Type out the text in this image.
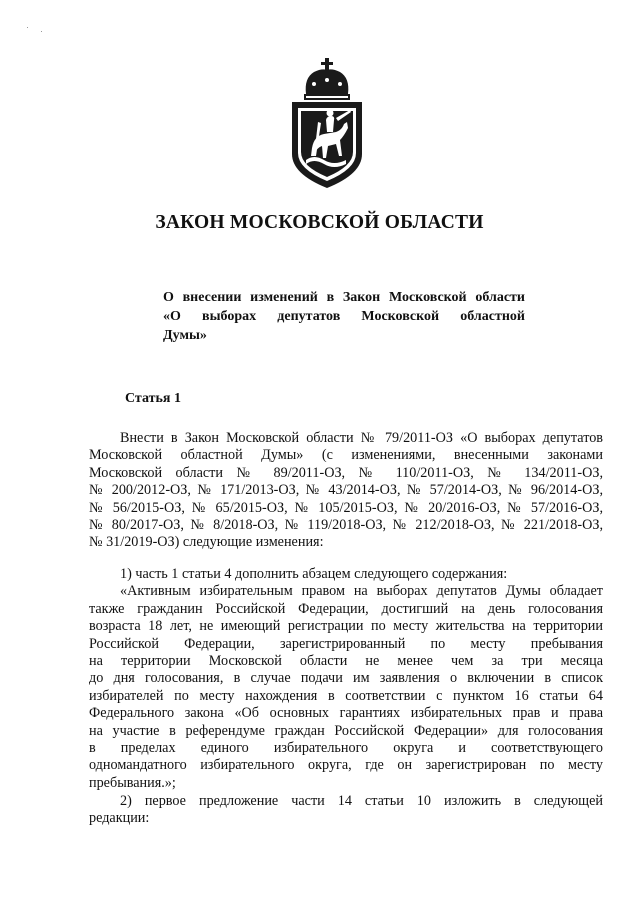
ЗАКОН МОСКОВСКОЙ ОБЛАСТИ
О внесении изменений в Закон Московской области
«О выборах депутатов Московской областной
Думы»
Статья 1
Внести в Закон Московской области № 79/2011-ОЗ «О выборах депутатов
Московской областной Думы» (с изменениями, внесенными законами
Московской области № 89/2011-ОЗ, № 110/2011-ОЗ, № 134/2011-ОЗ,
№ 200/2012-ОЗ, № 171/2013-ОЗ, № 43/2014-ОЗ, № 57/2014-ОЗ, № 96/2014-ОЗ,
№ 56/2015-ОЗ, № 65/2015-ОЗ, № 105/2015-ОЗ, № 20/2016-ОЗ, № 57/2016-ОЗ,
№ 80/2017-ОЗ, № 8/2018-ОЗ, № 119/2018-ОЗ, № 212/2018-ОЗ, № 221/2018-ОЗ,
№ 31/2019-ОЗ) следующие изменения:
1) часть 1 статьи 4 дополнить абзацем следующего содержания:
«Активным избирательным правом на выборах депутатов Думы обладает
также гражданин Российской Федерации, достигший на день голосования
возраста 18 лет, не имеющий регистрации по месту жительства на территории
Российской Федерации, зарегистрированный по месту пребывания
на территории Московской области не менее чем за три месяца
до дня голосования, в случае подачи им заявления о включении в список
избирателей по месту нахождения в соответствии с пунктом 16 статьи 64
Федерального закона «Об основных гарантиях избирательных прав и права
на участие в референдуме граждан Российской Федерации» для голосования
в пределах единого избирательного округа и соответствующего
одномандатного избирательного округа, где он зарегистрирован по месту
пребывания.»;
2) первое предложение части 14 статьи 10 изложить в следующей
редакции:
